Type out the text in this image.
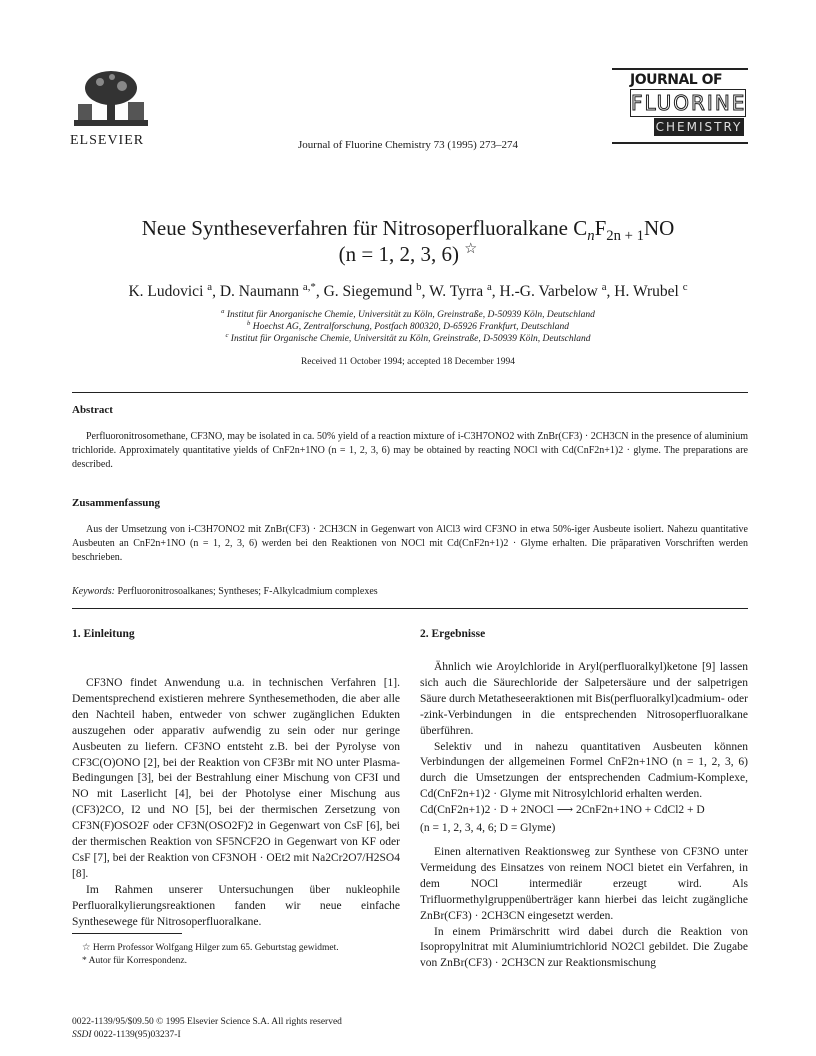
ELSEVIER	Journal of Fluorine Chemistry 73 (1995) 273–274
JOURNAL OF
FLUORINE
CHEMISTRY
Neue Syntheseverfahren für Nitrosoperfluoralkane $C_nF_{2n + 1}NO$
(n = 1, 2, 3, 6) ☆
K. Ludovici $^a$, D. Naumann $^{a,*}$, G. Siegemund $^b$, W. Tyrra $^a$, H.-G. Varbelow $^a$, H. Wrubel $^c$
$^a$ Institut für Anorganische Chemie, Universität zu Köln, Greinstraße, D-50939 Köln, Deutschland
$^b$ Hoechst AG, Zentralforschung, Postfach 800320, D-65926 Frankfurt, Deutschland
$^c$ Institut für Organische Chemie, Universität zu Köln, Greinstraße, D-50939 Köln, Deutschland
Received 11 October 1994; accepted 18 December 1994
Abstract
Perfluoronitrosomethane, CF3NO, may be isolated in ca. 50% yield of a reaction mixture of i-C3H7ONO2 with ZnBr(CF3) · 2CH3CN in the presence of aluminium trichloride. Approximately quantitative yields of CnF2n+1NO (n = 1, 2, 3, 6) may be obtained by reacting NOCl with Cd(CnF2n+1)2 · glyme. The preparations are described.
Zusammenfassung
Aus der Umsetzung von i-C3H7ONO2 mit ZnBr(CF3) · 2CH3CN in Gegenwart von AlCl3 wird CF3NO in etwa 50%-iger Ausbeute isoliert. Nahezu quantitative Ausbeuten an CnF2n+1NO (n = 1, 2, 3, 6) werden bei den Reaktionen von NOCl mit Cd(CnF2n+1)2 · Glyme erhalten. Die präparativen Vorschriften werden beschrieben.
Keywords: Perfluoronitrosoalkanes; Syntheses; F-Alkylcadmium complexes
1. Einleitung

CF3NO findet Anwendung u.a. in technischen Verfahren [1]. Dementsprechend existieren mehrere Synthesemethoden, die aber alle den Nachteil haben, entweder von schwer zugänglichen Edukten auszugehen oder apparativ aufwendig zu sein oder nur geringe Ausbeuten zu liefern. CF3NO entsteht z.B. bei der Pyrolyse von CF3C(O)ONO [2], bei der Reaktion von CF3Br mit NO unter Plasma-Bedingungen [3], bei der Bestrahlung einer Mischung von CF3I und NO mit Laserlicht [4], bei der Photolyse einer Mischung aus (CF3)2CO, I2 und NO [5], bei der thermischen Zersetzung von CF3N(F)OSO2F oder CF3N(OSO2F)2 in Gegenwart von CsF [6], bei der thermischen Reaktion von SF5NCF2O in Gegenwart von KF oder CsF [7], bei der Reaktion von CF3NOH · OEt2 mit Na2Cr2O7/H2SO4 [8].

Im Rahmen unserer Untersuchungen über nukleophile Perfluoralkylierungsreaktionen fanden wir neue einfache Synthesewege für Nitrosoperfluoralkane.

☆ Herrn Professor Wolfgang Hilger zum 65. Geburtstag gewidmet.
* Autor für Korrespondenz.
0022-1139/95/$09.50 © 1995 Elsevier Science S.A. All rights reserved
SSDI 0022-1139(95)03237-I
2. Ergebnisse

Ähnlich wie Aroylchloride in Aryl(perfluoralkyl)ketone [9] lassen sich auch die Säurechloride der Salpetersäure und der salpetrigen Säure durch Metatheseeraktionen mit Bis(perfluoralkyl)cadmium- oder -zink-Verbindungen in die entsprechenden Nitrosoperfluoralkane überführen.

Selektiv und in nahezu quantitativen Ausbeuten können Verbindungen der allgemeinen Formel CnF2n+1NO (n = 1, 2, 3, 6) durch die Umsetzungen der entsprechenden Cadmium-Komplexe, Cd(CnF2n+1)2 · Glyme mit Nitrosylchlorid erhalten werden.

Cd(CnF2n+1)2 · D + 2NOCl ⟶ 2CnF2n+1NO + CdCl2 + D

(n = 1, 2, 3, 4, 6; D = Glyme)

Einen alternativen Reaktionsweg zur Synthese von CF3NO unter Vermeidung des Einsatzes von reinem NOCl bietet ein Verfahren, in dem NOCl intermediär erzeugt wird. Als Trifluormethylgruppenüberträger kann hierbei das leicht zugängliche ZnBr(CF3) · 2CH3CN eingesetzt werden.

In einem Primärschritt wird dabei durch die Reaktion von Isopropylnitrat mit Aluminiumtrichlorid NO2Cl gebildet. Die Zugabe von ZnBr(CF3) · 2CH3CN zur Reaktionsmischung
